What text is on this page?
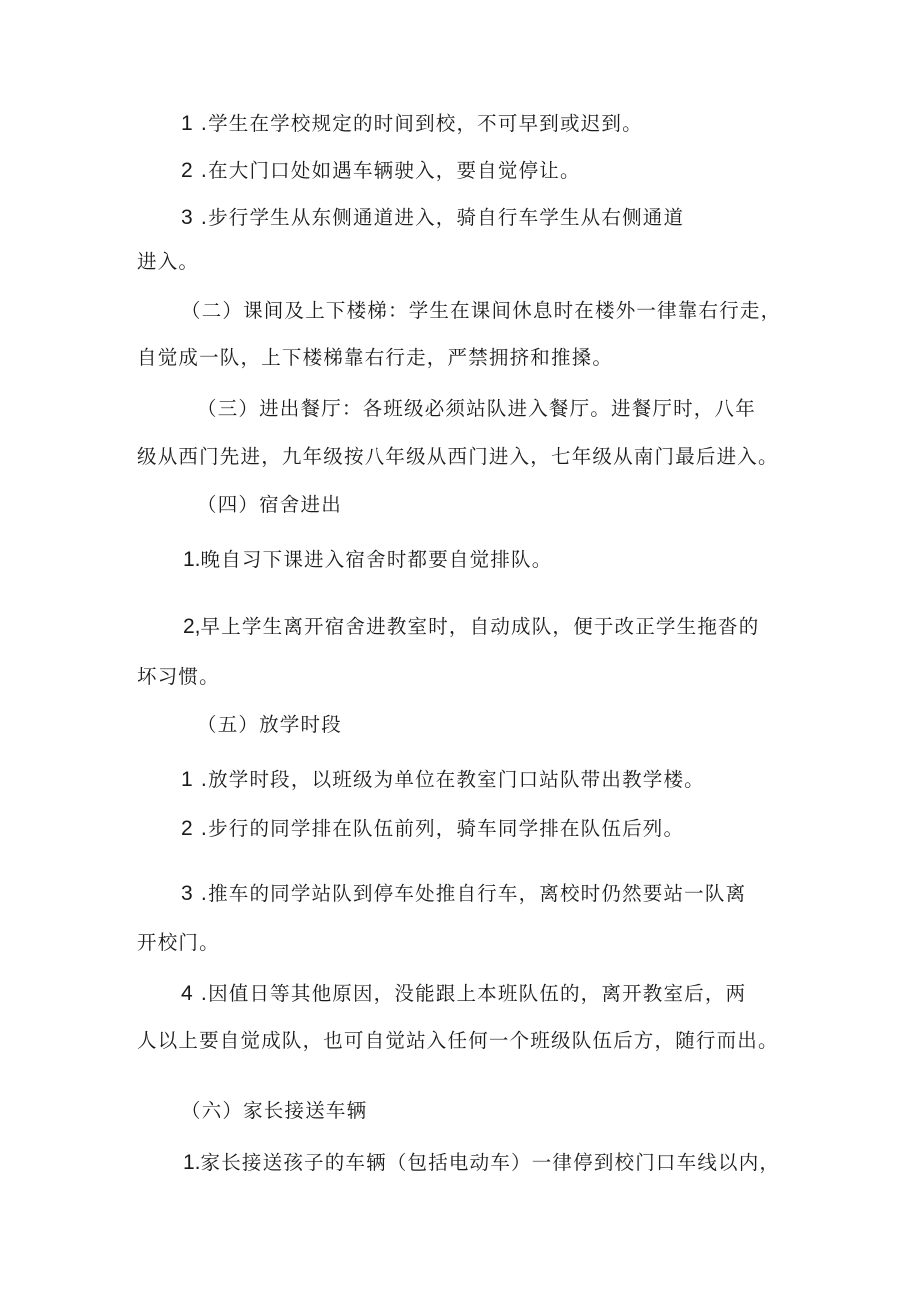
1 .学生在学校规定的时间到校，不可早到或迟到。
2 .在大门口处如遇车辆驶入，要自觉停让。
3 .步行学生从东侧通道进入，骑自行车学生从右侧通道
进入。
（二）课间及上下楼梯：学生在课间休息时在楼外一律靠右行走，
自觉成一队，上下楼梯靠右行走，严禁拥挤和推搡。
（三）进出餐厅：各班级必须站队进入餐厅。进餐厅时，八年
级从西门先进，九年级按八年级从西门进入，七年级从南门最后进入。
（四）宿舍进出
1.晚自习下课进入宿舍时都要自觉排队。
2,早上学生离开宿舍进教室时，自动成队，便于改正学生拖沓的
坏习惯。
（五）放学时段
1 .放学时段，以班级为单位在教室门口站队带出教学楼。
2 .步行的同学排在队伍前列，骑车同学排在队伍后列。
3 .推车的同学站队到停车处推自行车，离校时仍然要站一队离
开校门。
4 .因值日等其他原因，没能跟上本班队伍的，离开教室后，两
人以上要自觉成队，也可自觉站入任何一个班级队伍后方，随行而出。
（六）家长接送车辆
1.家长接送孩子的车辆（包括电动车）一律停到校门口车线以内，
